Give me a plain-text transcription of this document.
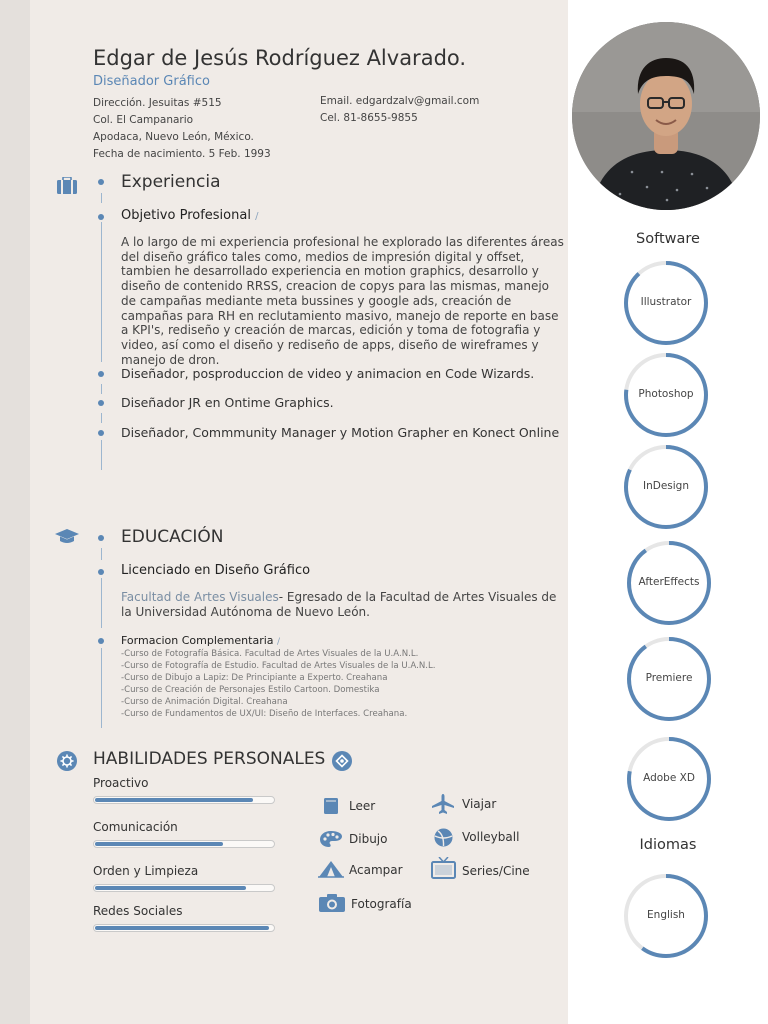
Edgar de Jesús Rodríguez Alvarado.
Diseñador Gráfico
Dirección. Jesuitas #515
Col. El Campanario
Apodaca, Nuevo León, México.
Fecha de nacimiento. 5 Feb. 1993
Email. edgardzalv@gmail.com
Cel. 81-8655-9855
Experiencia
Objetivo Profesional /
A lo largo de mi experiencia profesional he explorado las diferentes áreas del diseño gráfico tales como, medios de impresión digital y offset, tambien he desarrollado experiencia en motion graphics, desarrollo y diseño de contenido RRSS, creacion de copys para las mismas, manejo de campañas mediante meta bussines y google ads, creación de campañas para RH en reclutamiento masivo, manejo de reporte en base a KPI's, rediseño y creación de marcas, edición y toma de fotografia y video, así como el diseño y rediseño de apps, diseño de wireframes y manejo de dron.
Diseñador, posproduccion de video y animacion en Code Wizards.
Diseñador JR en Ontime Graphics.
Diseñador, Commmunity Manager y Motion Grapher en Konect Online
EDUCACIÓN
Licenciado en Diseño Gráfico
Facultad de Artes Visuales- Egresado de la Facultad de Artes Visuales de la Universidad Autónoma de Nuevo León.
Formacion Complementaria /
-Curso de Fotografía Básica. Facultad de Artes Visuales de la U.A.N.L.
-Curso de Fotografía de Estudio. Facultad de Artes Visuales de la U.A.N.L.
-Curso de Dibujo a Lapiz: De Principiante a Experto. Creahana
-Curso de Creación de Personajes Estilo Cartoon. Domestika
-Curso de Animación Digital. Creahana
-Curso de Fundamentos de UX/UI: Diseño de Interfaces. Creahana.
HABILIDADES PERSONALES
Proactivo
Comunicación
Orden y Limpieza
Redes Sociales
Leer
Dibujo
Acampar
Fotografía
Viajar
Volleyball
Series/Cine
Software
Idiomas
Illustrator
Photoshop
InDesign
AfterEffects
Premiere
Adobe XD
English
